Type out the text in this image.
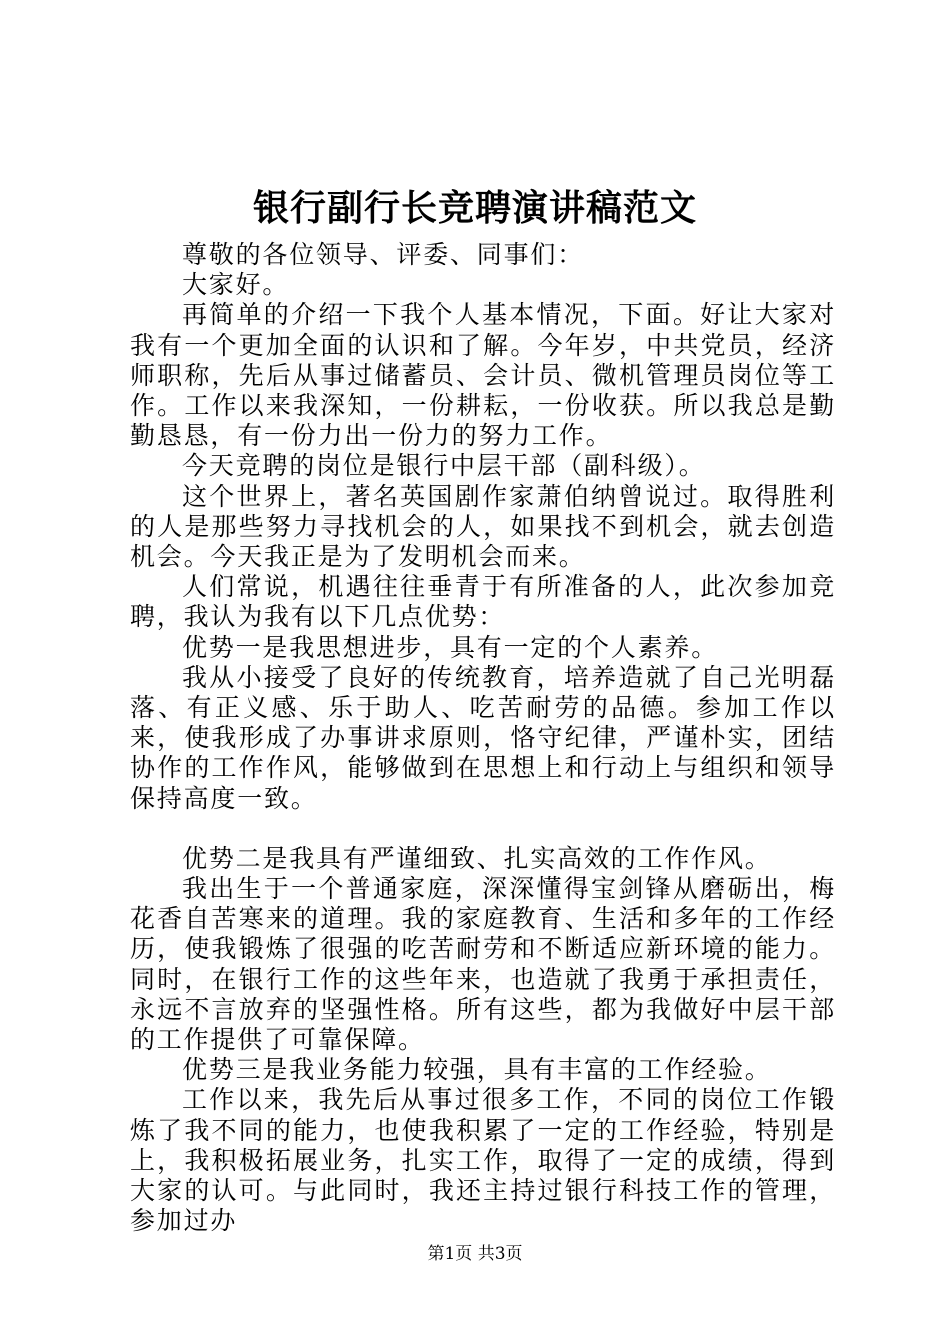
银行副行长竞聘演讲稿范文

尊敬的各位领导、评委、同事们：

大家好。

再简单的介绍一下我个人基本情况，下面。好让大家对我有一个更加全面的认识和了解。今年岁，中共党员，经济师职称，先后从事过储蓄员、会计员、微机管理员岗位等工作。工作以来我深知，一份耕耘，一份收获。所以我总是勤勤恳恳，有一份力出一份力的努力工作。

今天竞聘的岗位是银行中层干部（副科级）。

这个世界上，著名英国剧作家萧伯纳曾说过。取得胜利的人是那些努力寻找机会的人，如果找不到机会，就去创造机会。今天我正是为了发明机会而来。

人们常说，机遇往往垂青于有所准备的人，此次参加竞聘，我认为我有以下几点优势：

优势一是我思想进步，具有一定的个人素养。

我从小接受了良好的传统教育，培养造就了自己光明磊落、有正义感、乐于助人、吃苦耐劳的品德。参加工作以来，使我形成了办事讲求原则，恪守纪律，严谨朴实，团结协作的工作作风，能够做到在思想上和行动上与组织和领导保持高度一致。

优势二是我具有严谨细致、扎实高效的工作作风。

我出生于一个普通家庭，深深懂得宝剑锋从磨砺出，梅花香自苦寒来的道理。我的家庭教育、生活和多年的工作经历，使我锻炼了很强的吃苦耐劳和不断适应新环境的能力。同时，在银行工作的这些年来，也造就了我勇于承担责任，永远不言放弃的坚强性格。所有这些，都为我做好中层干部的工作提供了可靠保障。

优势三是我业务能力较强，具有丰富的工作经验。

工作以来，我先后从事过很多工作，不同的岗位工作锻炼了我不同的能力，也使我积累了一定的工作经验，特别是上，我积极拓展业务，扎实工作，取得了一定的成绩，得到大家的认可。与此同时，我还主持过银行科技工作的管理，参加过办

第1页 共3页
